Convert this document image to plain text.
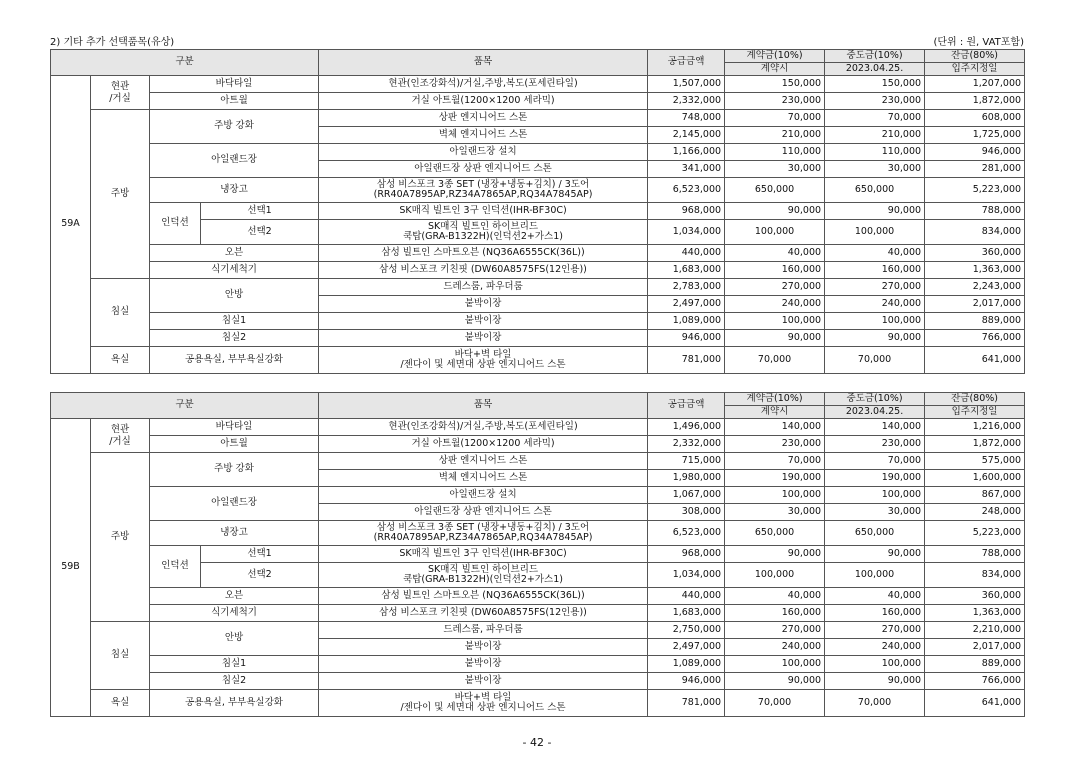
2) 기타 추가 선택품목(유상)	(단위 : 원, VAT포함)
구분				품목	공급금액	계약금(10%)	중도금(10%)	잔금(80%)
						계약시	2023.04.25.	입주지정일
59A	현관
/거실	바닥타일		현관(인조강화석)/거실,주방,복도(포세린타일)	1,507,000	150,000	150,000	1,207,000
		아트월		거실 아트월(1200×1200 세라믹)	2,332,000	230,000	230,000	1,872,000
	주방	주방 강화		상판 엔지니어드 스톤	748,000	70,000	70,000	608,000
				벽체 엔지니어드 스톤	2,145,000	210,000	210,000	1,725,000
		아일랜드장		아일랜드장 설치	1,166,000	110,000	110,000	946,000
				아일랜드장 상판 엔지니어드 스톤	341,000	30,000	30,000	281,000
		냉장고		삼성 비스포크 3종 SET (냉장+냉동+김치) / 3도어
(RR40A7895AP,RZ34A7865AP,RQ34A7845AP)	6,523,000	650,000	650,000	5,223,000
		인덕션	선택1	SK매직 빌트인 3구 인덕션(IHR-BF30C)	968,000	90,000	90,000	788,000
			선택2	SK매직 빌트인 하이브리드
쿡탑(GRA-B1322H)(인덕션2+가스1)	1,034,000	100,000	100,000	834,000
		오븐		삼성 빌트인 스마트오븐 (NQ36A6555CK(36L))	440,000	40,000	40,000	360,000
		식기세척기		삼성 비스포크 키친핏 (DW60A8575FS(12인용))	1,683,000	160,000	160,000	1,363,000
	침실	안방		드레스룸, 파우더룸	2,783,000	270,000	270,000	2,243,000
				붙박이장	2,497,000	240,000	240,000	2,017,000
		침실1		붙박이장	1,089,000	100,000	100,000	889,000
		침실2		붙박이장	946,000	90,000	90,000	766,000
	욕실	공용욕실, 부부욕실강화		바닥+벽 타일
/젠다이 및 세면대 상판 엔지니어드 스톤	781,000	70,000	70,000	641,000
구분				품목	공급금액	계약금(10%)	중도금(10%)	잔금(80%)
						계약시	2023.04.25.	입주지정일
59B	현관
/거실	바닥타일		현관(인조강화석)/거실,주방,복도(포세린타일)	1,496,000	140,000	140,000	1,216,000
		아트월		거실 아트월(1200×1200 세라믹)	2,332,000	230,000	230,000	1,872,000
	주방	주방 강화		상판 엔지니어드 스톤	715,000	70,000	70,000	575,000
				벽체 엔지니어드 스톤	1,980,000	190,000	190,000	1,600,000
		아일랜드장		아일랜드장 설치	1,067,000	100,000	100,000	867,000
				아일랜드장 상판 엔지니어드 스톤	308,000	30,000	30,000	248,000
		냉장고		삼성 비스포크 3종 SET (냉장+냉동+김치) / 3도어
(RR40A7895AP,RZ34A7865AP,RQ34A7845AP)	6,523,000	650,000	650,000	5,223,000
		인덕션	선택1	SK매직 빌트인 3구 인덕션(IHR-BF30C)	968,000	90,000	90,000	788,000
			선택2	SK매직 빌트인 하이브리드
쿡탑(GRA-B1322H)(인덕션2+가스1)	1,034,000	100,000	100,000	834,000
		오븐		삼성 빌트인 스마트오븐 (NQ36A6555CK(36L))	440,000	40,000	40,000	360,000
		식기세척기		삼성 비스포크 키친핏 (DW60A8575FS(12인용))	1,683,000	160,000	160,000	1,363,000
	침실	안방		드레스룸, 파우더룸	2,750,000	270,000	270,000	2,210,000
				붙박이장	2,497,000	240,000	240,000	2,017,000
		침실1		붙박이장	1,089,000	100,000	100,000	889,000
		침실2		붙박이장	946,000	90,000	90,000	766,000
	욕실	공용욕실, 부부욕실강화		바닥+벽 타일
/젠다이 및 세면대 상판 엔지니어드 스톤	781,000	70,000	70,000	641,000
- 42 -
